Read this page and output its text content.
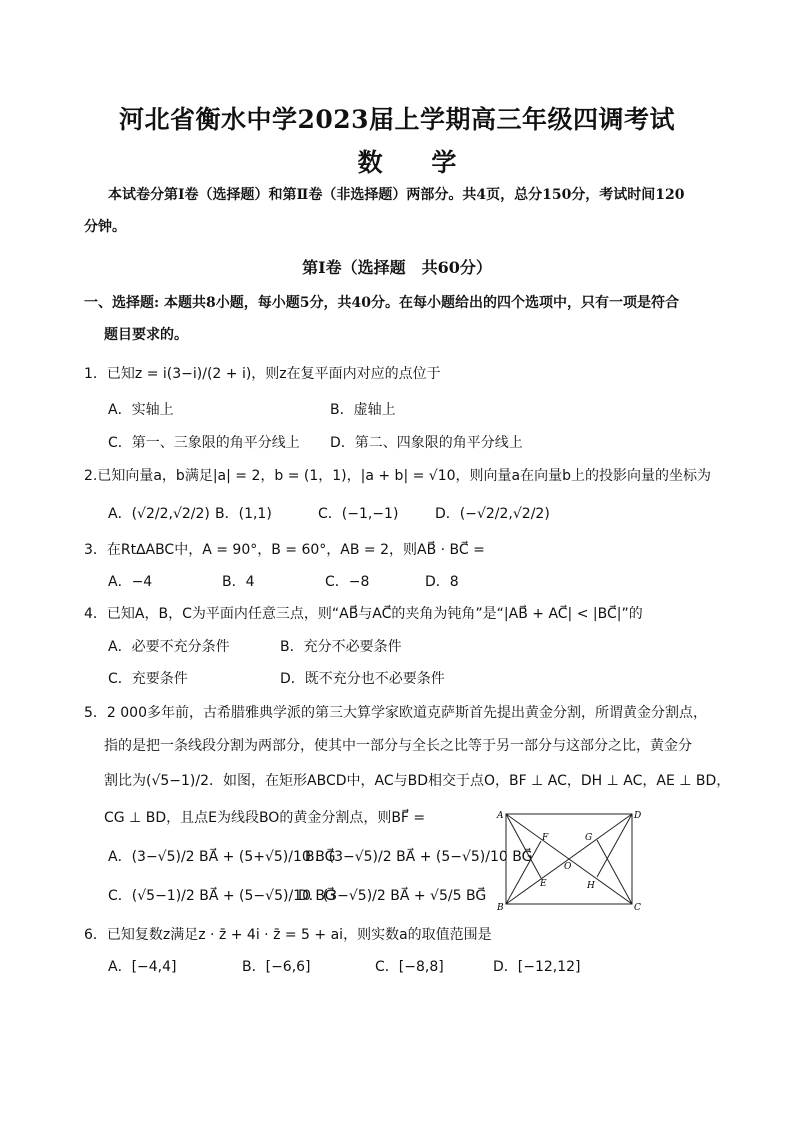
河北省衡水中学2023届上学期高三年级四调考试
数 学
本试卷分第Ⅰ卷（选择题）和第Ⅱ卷（非选择题）两部分。共4页，总分150分，考试时间120
分钟。
第Ⅰ卷（选择题　共60分）
一、选择题: 本题共8小题，每小题5分，共40分。在每小题给出的四个选项中，只有一项是符合
题目要求的。
1．已知z = i(3−i)/(2 + i)，则z在复平面内对应的点位于
A．实轴上	B．虚轴上
C．第一、三象限的角平分线上 D．第二、四象限的角平分线上
2.已知向量a，b满足|a| = 2，b = (1，1)，|a + b| = √10，则向量a在向量b上的投影向量的坐标为
A．(√2/2,√2/2) B．(1,1)	C．(−1,−1)	D．(−√2/2,√2/2)
3．在Rt∆ABC中，A = 90°，B = 60°，AB = 2，则AB⃗ · BC⃗ =
A．−4	B．4	C．−8	D．8
4．已知A，B，C为平面内任意三点，则“AB⃗与AC⃗的夹角为钝角”是“|AB⃗ + AC⃗| < |BC⃗|”的
A．必要不充分条件	B．充分不必要条件
C．充要条件	D．既不充分也不必要条件
5．2 000多年前，古希腊雅典学派的第三大算学家欧道克萨斯首先提出黄金分割，所谓黄金分割点，
指的是把一条线段分割为两部分，使其中一部分与全长之比等于另一部分与这部分之比，黄金分
割比为(√5−1)/2．如图，在矩形ABCD中，AC与BD相交于点O，BF ⊥ AC，DH ⊥ AC，AE ⊥ BD，
CG ⊥ BD，且点E为线段BO的黄金分割点，则BF⃗ =
A．(3−√5)/2 BA⃗ + (5+√5)/10 BG⃗
B．(3−√5)/2 BA⃗ + (5−√5)/10 BG⃗
C．(√5−1)/2 BA⃗ + (5−√5)/10 BG⃗
D．(3−√5)/2 BA⃗ + √5/5 BG⃗
A
B	C
D
E
F	G
H
O
6．已知复数z满足z · z̄ + 4i · z̄ = 5 + ai，则实数a的取值范围是
A．[−4,4]	B．[−6,6]	C．[−8,8]	D．[−12,12]
